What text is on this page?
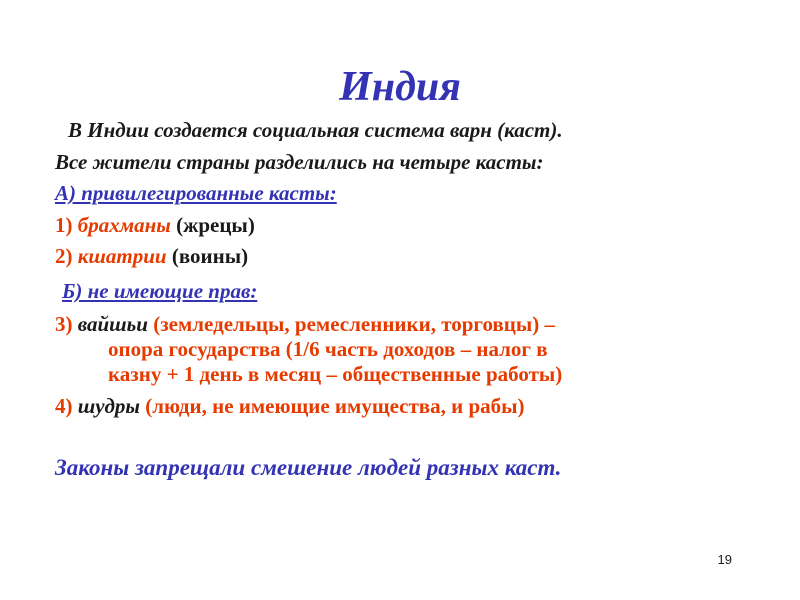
Индия
В Индии создается социальная система варн (каст).
Все жители страны разделились на четыре касты:
А) привилегированные касты:
1) брахманы (жрецы)
2) кшатрии (воины)
Б) не имеющие прав:
3) вайшьи (земледельцы, ремесленники, торговцы) –
опора государства (1/6 часть доходов – налог в
казну + 1 день в месяц – общественные работы)
4) шудры (люди, не имеющие имущества, и рабы)
Законы запрещали смешение людей разных каст.
19
